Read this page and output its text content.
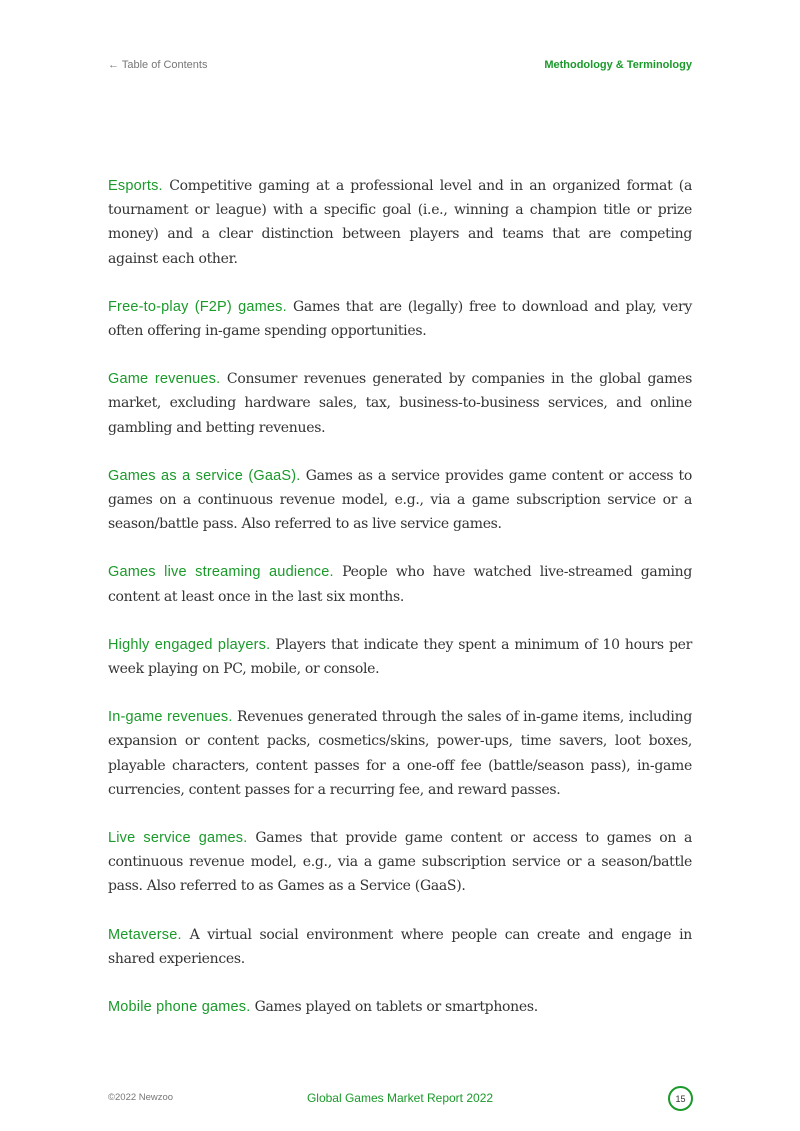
← Table of Contents	Methodology & Terminology

Esports. Competitive gaming at a professional level and in an organized format (a tournament or league) with a specific goal (i.e., winning a champion title or prize money) and a clear distinction between players and teams that are competing against each other.

Free-to-play (F2P) games. Games that are (legally) free to download and play, very often offering in-game spending opportunities.

Game revenues. Consumer revenues generated by companies in the global games market, excluding hardware sales, tax, business-to-business services, and online gambling and betting revenues.

Games as a service (GaaS). Games as a service provides game content or access to games on a continuous revenue model, e.g., via a game subscription service or a season/battle pass. Also referred to as live service games.

Games live streaming audience. People who have watched live-streamed gaming content at least once in the last six months.

Highly engaged players. Players that indicate they spent a minimum of 10 hours per week playing on PC, mobile, or console.

In-game revenues. Revenues generated through the sales of in-game items, including expansion or content packs, cosmetics/skins, power-ups, time savers, loot boxes, playable characters, content passes for a one-off fee (battle/season pass), in-game currencies, content passes for a recurring fee, and reward passes.

Live service games. Games that provide game content or access to games on a continuous revenue model, e.g., via a game subscription service or a season/battle pass. Also referred to as Games as a Service (GaaS).

Metaverse. A virtual social environment where people can create and engage in shared experiences.

Mobile phone games. Games played on tablets or smartphones.

©2022 Newzoo	Global Games Market Report 2022	15
